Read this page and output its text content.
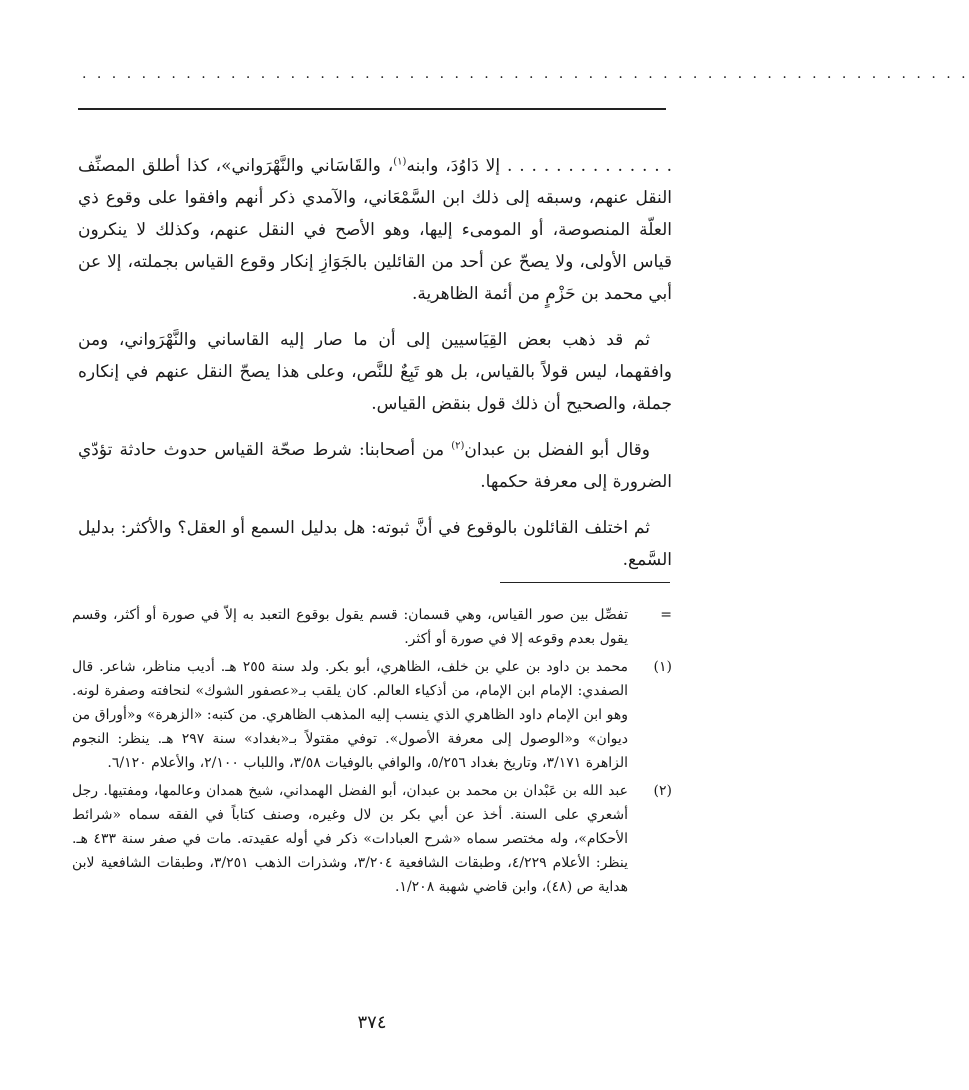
. . . . . . . . . . . . . . . . . . . . . . . . . . . . . . . . . . . . . . . . . . . . . . . . . . . . . . . . . . . .

. . . . . . . . . . . . . . إلا دَاوُدَ، وابنه$^{(١)}$، والقَاسَاني والنَّهْرَواني»، كذا أطلق المصنِّف النقل عنهم، وسبقه إلى ذلك ابن السَّمْعَاني، والآمدي ذكر أنهم وافقوا على وقوع ذي العلّة المنصوصة، أو المومىء إليها، وهو الأصح في النقل عنهم، وكذلك لا ينكرون قياس الأولى، ولا يصحّ عن أحد من القائلين بالجَوَازِ إنكار وقوع القياس بجملته، إلا عن أبي محمد بن حَزْمٍ من أئمة الظاهرية.

ثم قد ذهب بعض القِيَاسيين إلى أن ما صار إليه القاساني والنَّهْرَواني، ومن وافقهما، ليس قولاً بالقياس، بل هو تَبِعٌ للنَّص، وعلى هذا يصحّ النقل عنهم في إنكاره جملة، والصحيح أن ذلك قول بنقض القياس.

وقال أبو الفضل بن عبدان$^{(٢)}$ من أصحابنا: شرط صحّة القياس حدوث حادثة تؤدّي الضرورة إلى معرفة حكمها.

ثم اختلف القائلون بالوقوع في أنَّ ثبوته: هل بدليل السمع أو العقل؟ والأكثر: بدليل السَّمع.

=
تفصِّل بين صور القياس، وهي قسمان: قسم يقول بوقوع التعبد به إلاّ في صورة أو أكثر، وقسم يقول بعدم وقوعه إلا في صورة أو أكثر.
(١)
محمد بن داود بن علي بن خلف، الظاهري، أبو بكر. ولد سنة ٢٥٥ هـ. أديب مناظر، شاعر. قال الصفدي: الإمام ابن الإمام، من أذكياء العالم. كان يلقب بـ«عصفور الشوك» لنحافته وصفرة لونه. وهو ابن الإمام داود الظاهري الذي ينسب إليه المذهب الظاهري. من كتبه: «الزهرة» و«أوراق من ديوان» و«الوصول إلى معرفة الأصول». توفي مقتولاً بـ«بغداد» سنة ٢٩٧ هـ. ينظر: النجوم الزاهرة ٣/١٧١، وتاريخ بغداد ٥/٢٥٦، والوافي بالوفيات ٣/٥٨، واللباب ٢/١٠٠، والأعلام ٦/١٢٠.
(٢)
عبد الله بن عَبْدان بن محمد بن عبدان، أبو الفضل الهمداني، شيخ همدان وعالمها، ومفتيها. رجل أشعري على السنة. أخذ عن أبي بكر بن لال وغيره، وصنف كتاباً في الفقه سماه «شرائط الأحكام»، وله مختصر سماه «شرح العبادات» ذكر في أوله عقيدته. مات في صفر سنة ٤٣٣ هـ. ينظر: الأعلام ٤/٢٢٩، وطبقات الشافعية ٣/٢٠٤، وشذرات الذهب ٣/٢٥١، وطبقات الشافعية لابن هداية ص (٤٨)، وابن قاضي شهبة ١/٢٠٨.
٣٧٤
